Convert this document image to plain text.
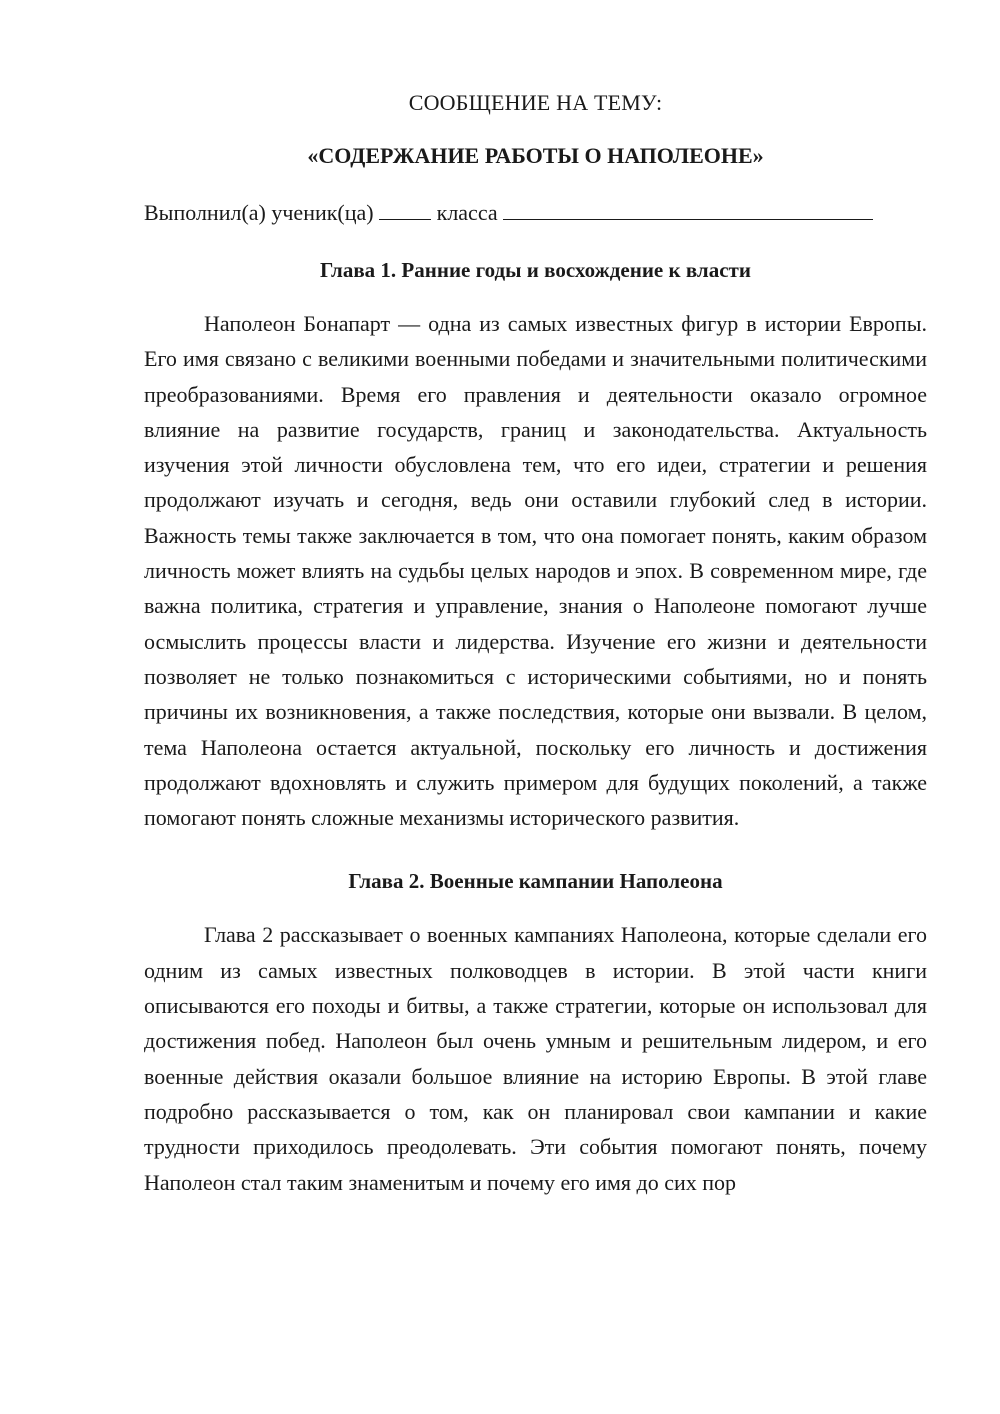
СООБЩЕНИЕ НА ТЕМУ:
«СОДЕРЖАНИЕ РАБОТЫ О НАПОЛЕОНЕ»

Выполнил(а) ученик(ца)	класса

Глава 1. Ранние годы и восхождение к власти

Наполеон Бонапарт — одна из самых известных фигур в истории Европы. Его имя связано с великими военными победами и значительными политическими преобразованиями. Время его правления и деятельности оказало огромное влияние на развитие государств, границ и законодательства. Актуальность изучения этой личности обусловлена тем, что его идеи, стратегии и решения продолжают изучать и сегодня, ведь они оставили глубокий след в истории. Важность темы также заключается в том, что она помогает понять, каким образом личность может влиять на судьбы целых народов и эпох. В современном мире, где важна политика, стратегия и управление, знания о Наполеоне помогают лучше осмыслить процессы власти и лидерства. Изучение его жизни и деятельности позволяет не только познакомиться с историческими событиями, но и понять причины их возникновения, а также последствия, которые они вызвали. В целом, тема Наполеона остается актуальной, поскольку его личность и достижения продолжают вдохновлять и служить примером для будущих поколений, а также помогают понять сложные механизмы исторического развития.

Глава 2. Военные кампании Наполеона

Глава 2 рассказывает о военных кампаниях Наполеона, которые сделали его одним из самых известных полководцев в истории. В этой части книги описываются его походы и битвы, а также стратегии, которые он использовал для достижения побед. Наполеон был очень умным и решительным лидером, и его военные действия оказали большое влияние на историю Европы. В этой главе подробно рассказывается о том, как он планировал свои кампании и какие трудности приходилось преодолевать. Эти события помогают понять, почему Наполеон стал таким знаменитым и почему его имя до сих пор
